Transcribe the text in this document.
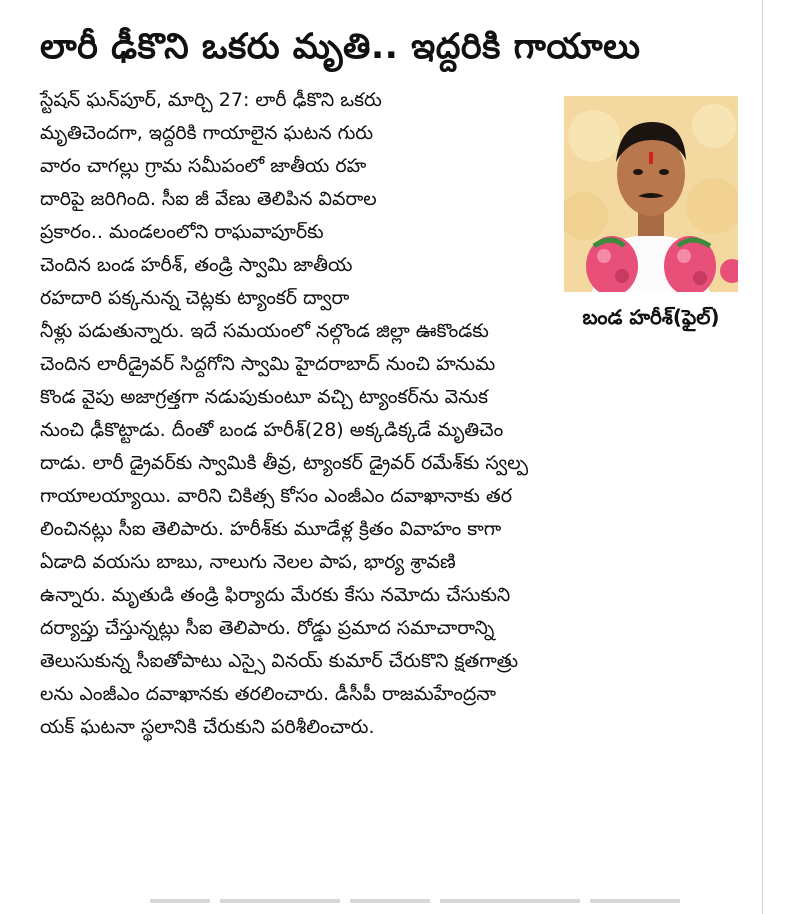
లారీ ఢీకొని ఒకరు మృతి.. ఇద్దరికి గాయాలు
బండ హరీశ్(ఫైల్)
స్టేషన్ ఘన్‌పూర్, మార్చి 27: లారీ ఢీకొని ఒకరు
మృతిచెందగా, ఇద్దరికి గాయాలైన ఘటన గురు
వారం చాగల్లు గ్రామ సమీపంలో జాతీయ రహ
దారిపై జరిగింది. సీఐ జీ వేణు తెలిపిన వివరాల
ప్రకారం.. మండలంలోని రాఘవాపూర్‌కు
చెందిన బండ హరీశ్, తండ్రి స్వామి జాతీయ
రహదారి పక్కనున్న చెట్లకు ట్యాంకర్ ద్వారా
నీళ్లు పడుతున్నారు. ఇదే సమయంలో నల్గొండ జిల్లా ఊకొండకు
చెందిన లారీడ్రైవర్ సిద్దగోని స్వామి హైదరాబాద్ నుంచి హనుమ
కొండ వైపు అజాగ్రత్తగా నడుపుకుంటూ వచ్చి ట్యాంకర్‌ను వెనుక
నుంచి ఢీకొట్టాడు. దీంతో బండ హరీశ్(28) అక్కడిక్కడే మృతిచెం
దాడు. లారీ డ్రైవర్‌కు స్వామికి తీవ్ర, ట్యాంకర్ డ్రైవర్ రమేశ్‌కు స్వల్ప
గాయాలయ్యాయి. వారిని చికిత్స కోసం ఎంజీఎం దవాఖానాకు తర
లించినట్లు సీఐ తెలిపారు. హరీశ్‌కు మూడేళ్ల క్రితం వివాహం కాగా
ఏడాది వయసు బాబు, నాలుగు నెలల పాప, భార్య శ్రావణి
ఉన్నారు. మృతుడి తండ్రి ఫిర్యాదు మేరకు కేసు నమోదు చేసుకుని
దర్యాప్తు చేస్తున్నట్లు సీఐ తెలిపారు. రోడ్డు ప్రమాద సమాచారాన్ని
తెలుసుకున్న సీఐతోపాటు ఎస్సై వినయ్ కుమార్ చేరుకొని క్షతగాత్రు
లను ఎంజీఎం దవాఖానకు తరలించారు. డీసీపీ రాజమహేంద్రనా
యక్ ఘటనా స్థలానికి చేరుకుని పరిశీలించారు.
